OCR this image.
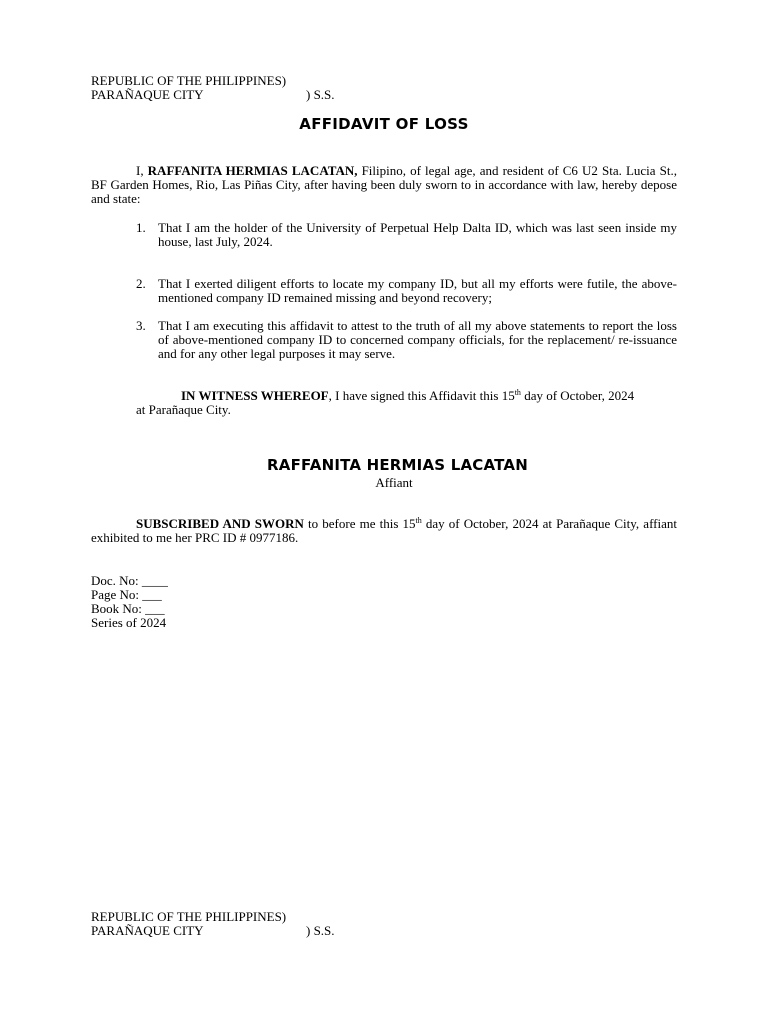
REPUBLIC OF THE PHILIPPINES)
PARAÑAQUE CITY	) S.S.
AFFIDAVIT OF LOSS
I, RAFFANITA HERMIAS LACATAN, Filipino, of legal age, and resident of C6 U2 Sta. Lucia St., BF Garden Homes, Rio, Las Piñas City, after having been duly sworn to in accordance with law, hereby depose and state:
1. That I am the holder of the University of Perpetual Help Dalta ID, which was last seen inside my house, last July, 2024.
2. That I exerted diligent efforts to locate my company ID, but all my efforts were futile, the above-mentioned company ID remained missing and beyond recovery;
3. That I am executing this affidavit to attest to the truth of all my above statements to report the loss of above-mentioned company ID to concerned company officials, for the replacement/ re-issuance and for any other legal purposes it may serve.
IN WITNESS WHEREOF, I have signed this Affidavit this 15th day of October, 2024 at Parañaque City.
RAFFANITA HERMIAS LACATAN
Affiant
SUBSCRIBED AND SWORN to before me this 15th day of October, 2024 at Parañaque City, affiant exhibited to me her PRC ID # 0977186.
Doc. No: ____
Page No: ___
Book No: ___
Series of 2024
REPUBLIC OF THE PHILIPPINES)
PARAÑAQUE CITY	) S.S.
